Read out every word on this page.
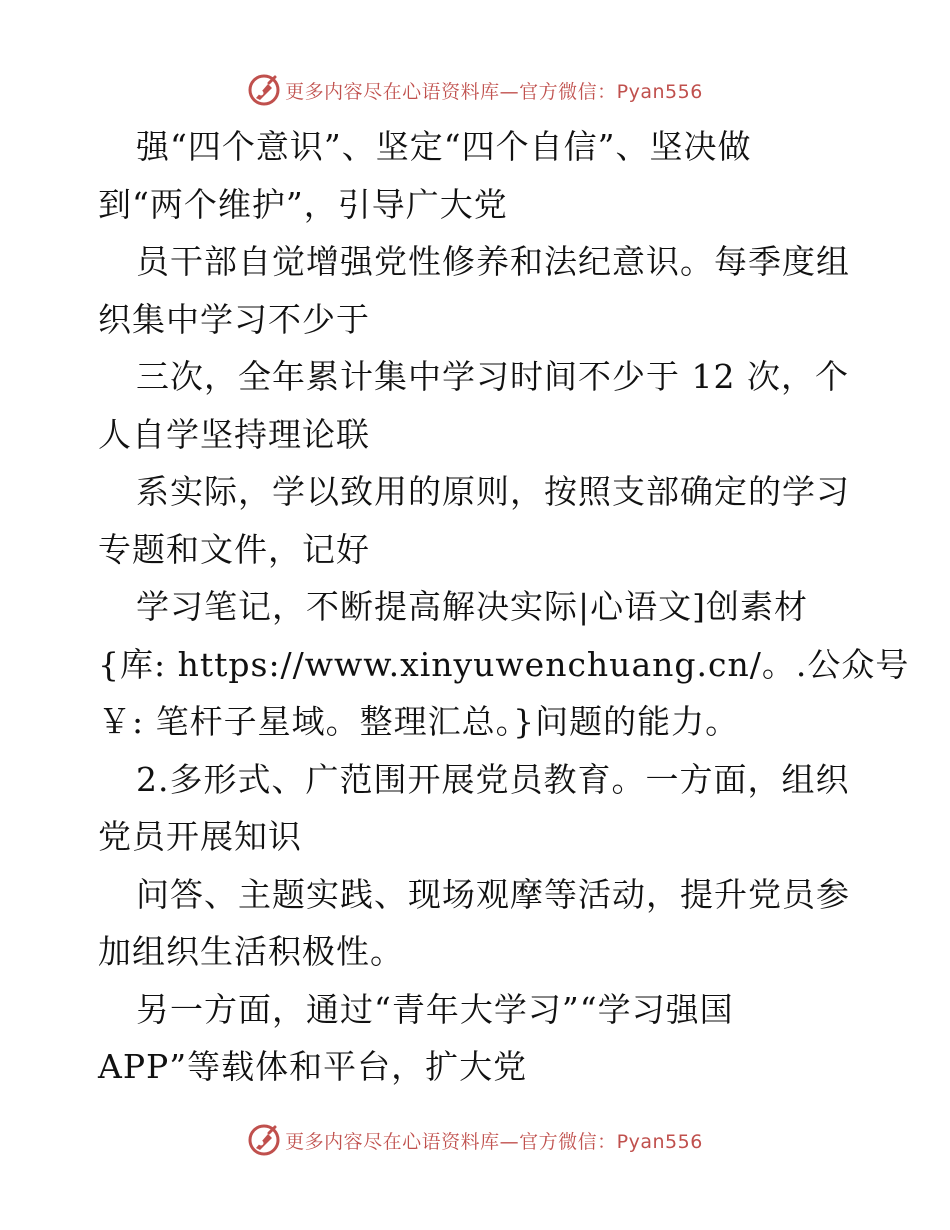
更多内容尽在心语资料库—官方微信：Pyan556
强“四个意识”、坚定“四个自信”、坚决做
到“两个维护”，引导广大党
员干部自觉增强党性修养和法纪意识。每季度组
织集中学习不少于
三次，全年累计集中学习时间不少于 12 次，个
人自学坚持理论联
系实际，学以致用的原则，按照支部确定的学习
专题和文件，记好
学习笔记，不断提高解决实际|心语文]创素材
{库: https://www.xinyuwenchuang.cn/。.公众号
￥: 笔杆子星域。整理汇总。}问题的能力。
2.多形式、广范围开展党员教育。一方面，组织
党员开展知识
问答、主题实践、现场观摩等活动，提升党员参
加组织生活积极性。
另一方面，通过“青年大学习”“学习强国
APP”等载体和平台，扩大党
更多内容尽在心语资料库—官方微信：Pyan556
